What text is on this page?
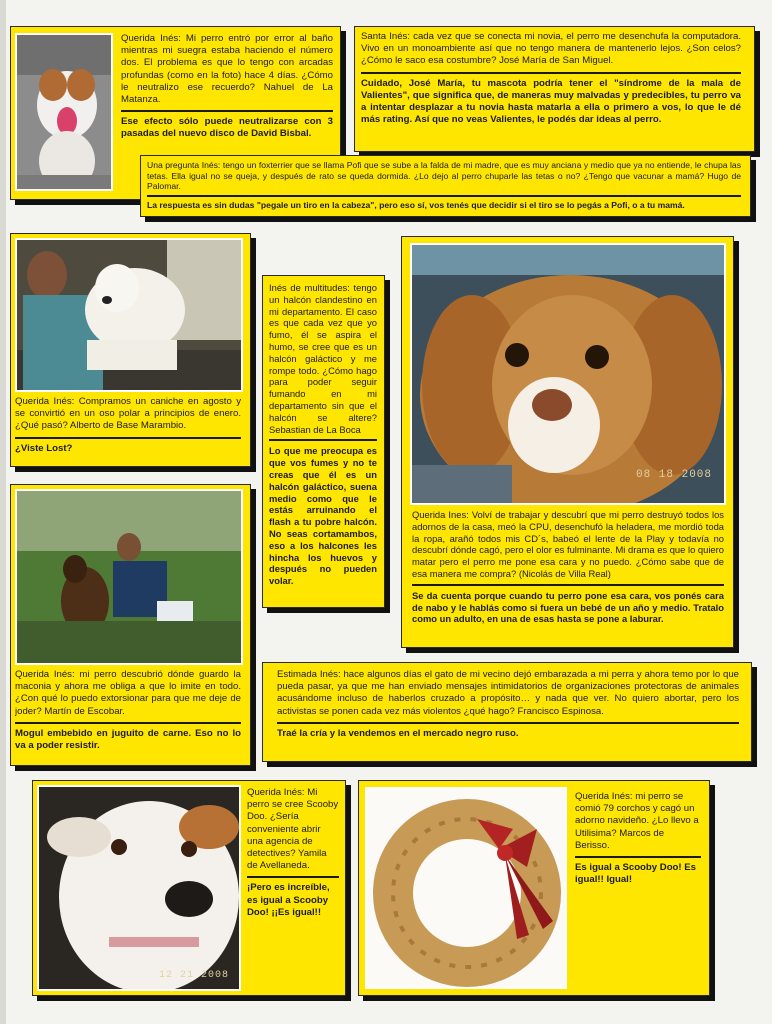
Querida Inés: Mi perro entró por error al baño mientras mi suegra estaba haciendo el número dos. El problema es que lo tengo con arcadas profundas (como en la foto) hace 4 días. ¿Cómo le neutralizo ese recuerdo? Nahuel de La Matanza.
Ese efecto sólo puede neutralizarse con 3 pasadas del nuevo disco de David Bisbal.
Santa Inés: cada vez que se conecta mi novia, el perro me desenchufa la computadora. Vivo en un monoambiente así que no tengo manera de mantenerlo lejos. ¿Son celos? ¿Cómo le saco esa costumbre? José María de San Miguel.
Cuidado, José María, tu mascota podría tener el "síndrome de la mala de Valientes", que significa que, de maneras muy malvadas y predecibles, tu perro va a intentar desplazar a tu novia hasta matarla a ella o primero a vos, lo que le dé más rating. Así que no veas Valientes, le podés dar ideas al perro.
Una pregunta Inés: tengo un foxterrier que se llama Pofi que se sube a la falda de mi madre, que es muy anciana y medio que ya no entiende, le chupa las tetas. Ella igual no se queja, y después de rato se queda dormida. ¿Lo dejo al perro chuparle las tetas o no? ¿Tengo que vacunar a mamá? Hugo de Palomar.
La respuesta es sin dudas "pegale un tiro en la cabeza", pero eso sí, vos tenés que decidir si el tiro se lo pegás a Pofi, o a tu mamá.
Querida Inés: Compramos un caniche en agosto y se convirtió en un oso polar a principios de enero. ¿Qué pasó? Alberto de Base Marambio.
¿Viste Lost?
Inés de multitudes: tengo un halcón clandestino en mi departamento. El caso es que cada vez que yo fumo, él se aspira el humo, se cree que es un halcón galáctico y me rompe todo. ¿Cómo hago para poder seguir fumando en mi departamento sin que el halcón se altere? Sebastian de La Boca
Lo que me preocupa es que vos fumes y no te creas que él es un halcón galáctico, suena medio como que le estás arruinando el flash a tu pobre halcón. No seas cortamambos, eso a los halcones les hincha los huevos y después no pueden volar.
08 18 2008
Querida Ines: Volví de trabajar y descubrí que mi perro destruyó todos los adornos de la casa, meó la CPU, desenchufó la heladera, me mordió toda la ropa, arañó todos mis CD´s, babeó el lente de la Play y todavía no descubrí dónde cagó, pero el olor es fulminante. Mi drama es que lo quiero matar pero el perro me pone esa cara y no puedo. ¿Cómo sabe que de esa manera me compra? (Nicolás de Villa Real)
Se da cuenta porque cuando tu perro pone esa cara, vos ponés cara de nabo y le hablás como si fuera un bebé de un año y medio. Tratalo como un adulto, en una de esas hasta se pone a laburar.
Querida Inés: mi perro descubrió dónde guardo la maconia y ahora me obliga a que lo imite en todo. ¿Con qué lo puedo extorsionar para que me deje de joder? Martín de Escobar.
Mogul embebido en juguito de carne. Eso no lo va a poder resistir.
Estimada Inés: hace algunos días el gato de mi vecino dejó embarazada a mi perra y ahora temo por lo que pueda pasar, ya que me han enviado mensajes intimidatorios de organizaciones protectoras de animales acusándome incluso de haberlos cruzado a propósito… y nada que ver. No quiero abortar, pero los activistas se ponen cada vez más violentos ¿qué hago? Francisco Espinosa.
Traé la cría y la vendemos en el mercado negro ruso.
12 21 2008
Querida Inés: Mi perro se cree Scooby Doo. ¿Sería conveniente abrir una agencia de detectives? Yamila de Avellaneda.
¡Pero es increíble, es igual a Scooby Doo! ¡¡Es igual!!
Querida Inés: mi perro se comió 79 corchos y cagó un adorno navideño. ¿Lo llevo a Utilisima? Marcos de Berisso.
Es igual a Scooby Doo! Es igual!! Igual!
